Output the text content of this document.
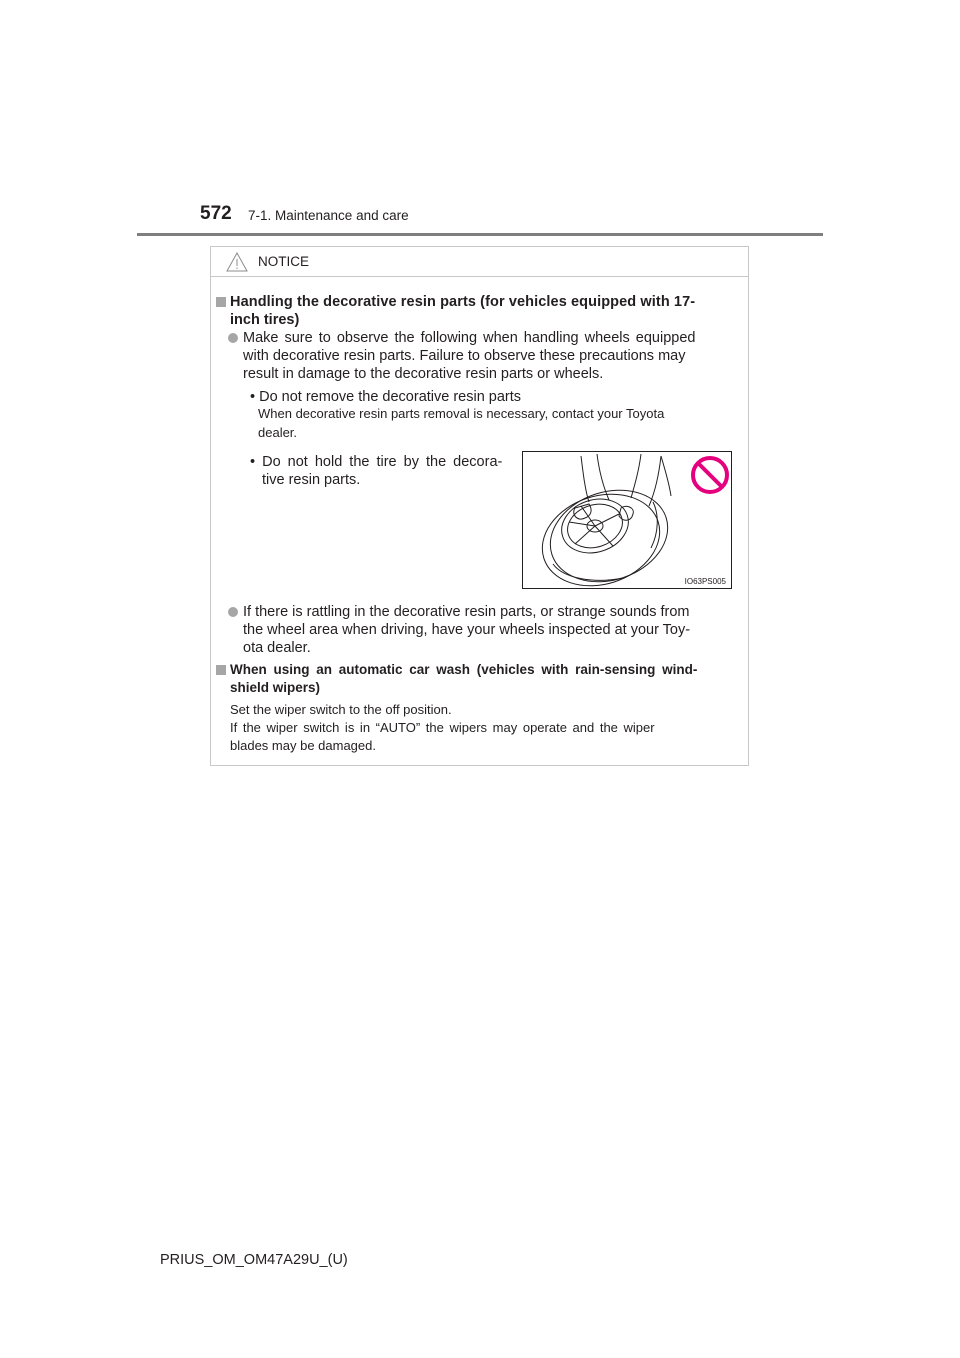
572 7-1. Maintenance and care
NOTICE
Handling the decorative resin parts (for vehicles equipped with 17-
inch tires)
Make sure to observe the following when handling wheels equipped
with decorative resin parts. Failure to observe these precautions may
result in damage to the decorative resin parts or wheels.
• Do not remove the decorative resin parts
When decorative resin parts removal is necessary, contact your Toyota
dealer.
• Do not hold the tire by the decora-
tive resin parts.
If there is rattling in the decorative resin parts, or strange sounds from
the wheel area when driving, have your wheels inspected at your Toy-
ota dealer.
When using an automatic car wash (vehicles with rain-sensing wind-
shield wipers)
Set the wiper switch to the off position.
If the wiper switch is in “AUTO” the wipers may operate and the wiper
blades may be damaged.
IO63PS005
PRIUS_OM_OM47A29U_(U)
